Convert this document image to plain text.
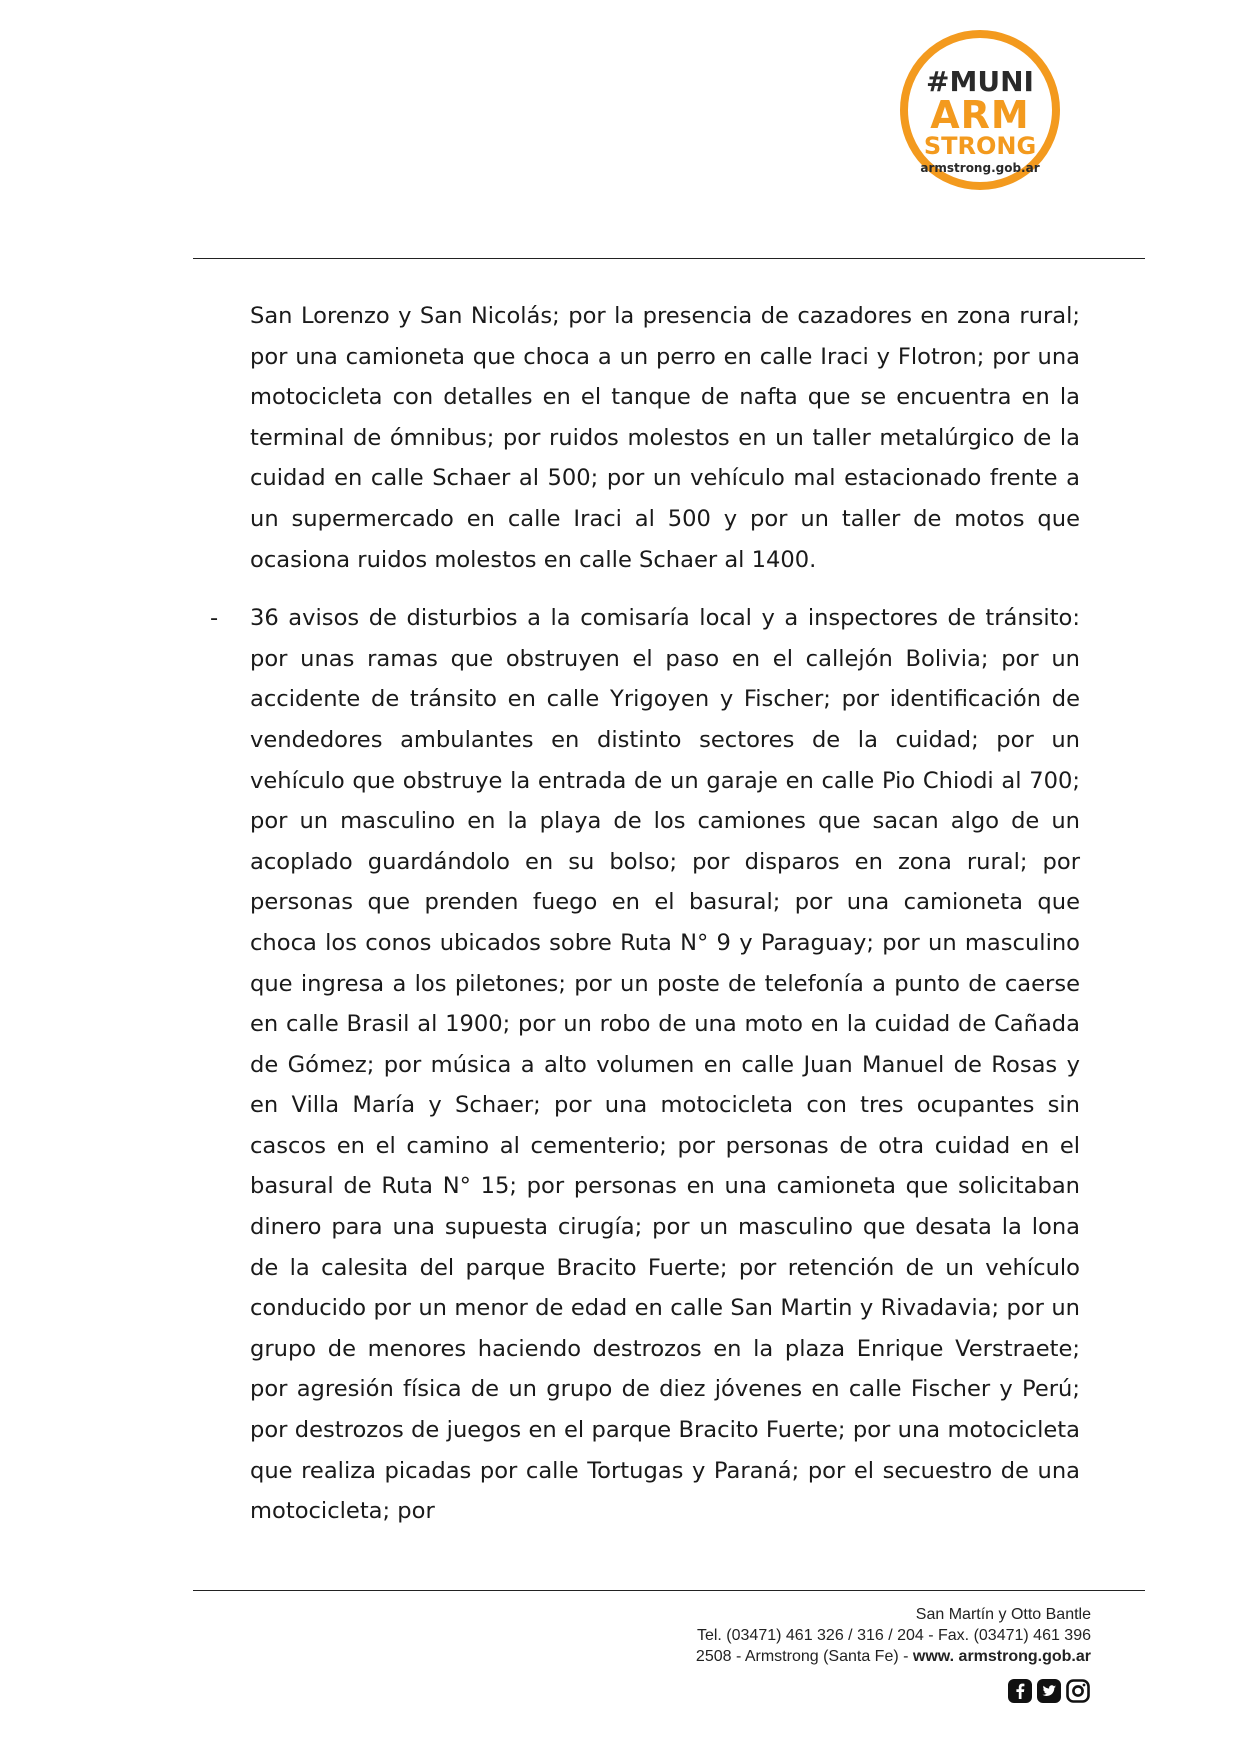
#MUNI
ARM
STRONG
armstrong.gob.ar

San Lorenzo y San Nicolás; por la presencia de cazadores en zona rural; por una camioneta que choca a un perro en calle Iraci y Flotron; por una motocicleta con detalles en el tanque de nafta que se encuentra en la terminal de ómnibus; por ruidos molestos en un taller metalúrgico de la cuidad en calle Schaer al 500; por un vehículo mal estacionado frente a un supermercado en calle Iraci al 500 y por un taller de motos que ocasiona ruidos molestos en calle Schaer al 1400.

- 36 avisos de disturbios a la comisaría local y a inspectores de tránsito: por unas ramas que obstruyen el paso en el callejón Bolivia; por un accidente de tránsito en calle Yrigoyen y Fischer; por identificación de vendedores ambulantes en distinto sectores de la cuidad; por un vehículo que obstruye la entrada de un garaje en calle Pio Chiodi al 700; por un masculino en la playa de los camiones que sacan algo de un acoplado guardándolo en su bolso; por disparos en zona rural; por personas que prenden fuego en el basural; por una camioneta que choca los conos ubicados sobre Ruta N° 9 y Paraguay; por un masculino que ingresa a los piletones; por un poste de telefonía a punto de caerse en calle Brasil al 1900; por un robo de una moto en la cuidad de Cañada de Gómez; por música a alto volumen en calle Juan Manuel de Rosas y en Villa María y Schaer; por una motocicleta con tres ocupantes sin cascos en el camino al cementerio; por personas de otra cuidad en el basural de Ruta N° 15; por personas en una camioneta que solicitaban dinero para una supuesta cirugía; por un masculino que desata la lona de la calesita del parque Bracito Fuerte; por retención de un vehículo conducido por un menor de edad en calle San Martin y Rivadavia; por un grupo de menores haciendo destrozos en la plaza Enrique Verstraete; por agresión física de un grupo de diez jóvenes en calle Fischer y Perú; por destrozos de juegos en el parque Bracito Fuerte; por una motocicleta que realiza picadas por calle Tortugas y Paraná; por el secuestro de una motocicleta; por

San Martín y Otto Bantle
Tel. (03471) 461 326 / 316 / 204 - Fax. (03471) 461 396
2508 - Armstrong (Santa Fe) - www. armstrong.gob.ar
